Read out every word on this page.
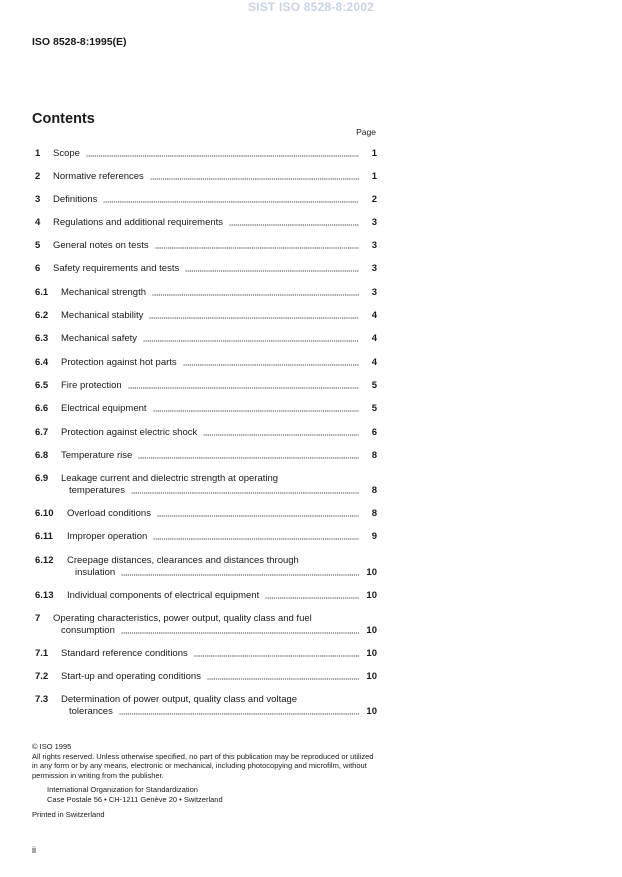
SIST ISO 8528-8:2002
ISO 8528-8:1995(E)
Contents
Page
1 Scope	1
2 Normative references	1
3 Definitions	2
4 Regulations and additional requirements	3
5 General notes on tests	3
6 Safety requirements and tests	3
6.1 Mechanical strength	3
6.2 Mechanical stability	4
6.3 Mechanical safety	4
6.4 Protection against hot parts	4
6.5 Fire protection	5
6.6 Electrical equipment	5
6.7 Protection against electric shock	6
6.8 Temperature rise	8
6.9 Leakage current and dielectric strength at operating
temperatures	8
6.10 Overload conditions	8
6.11 Improper operation	9
6.12 Creepage distances, clearances and distances through
insulation	10
6.13 Individual components of electrical equipment	10
7 Operating characteristics, power output, quality class and fuel
consumption	10
7.1 Standard reference conditions	10
7.2 Start-up and operating conditions	10
7.3 Determination of power output, quality class and voltage
tolerances	10
© ISO 1995
All rights reserved. Unless otherwise specified, no part of this publication may be reproduced or utilized in any form or by any means, electronic or mechanical, including photocopying and microfilm, without permission in writing from the publisher.
International Organization for Standardization
Case Postale 56 • CH-1211 Genève 20 • Switzerland
Printed in Switzerland
ii
